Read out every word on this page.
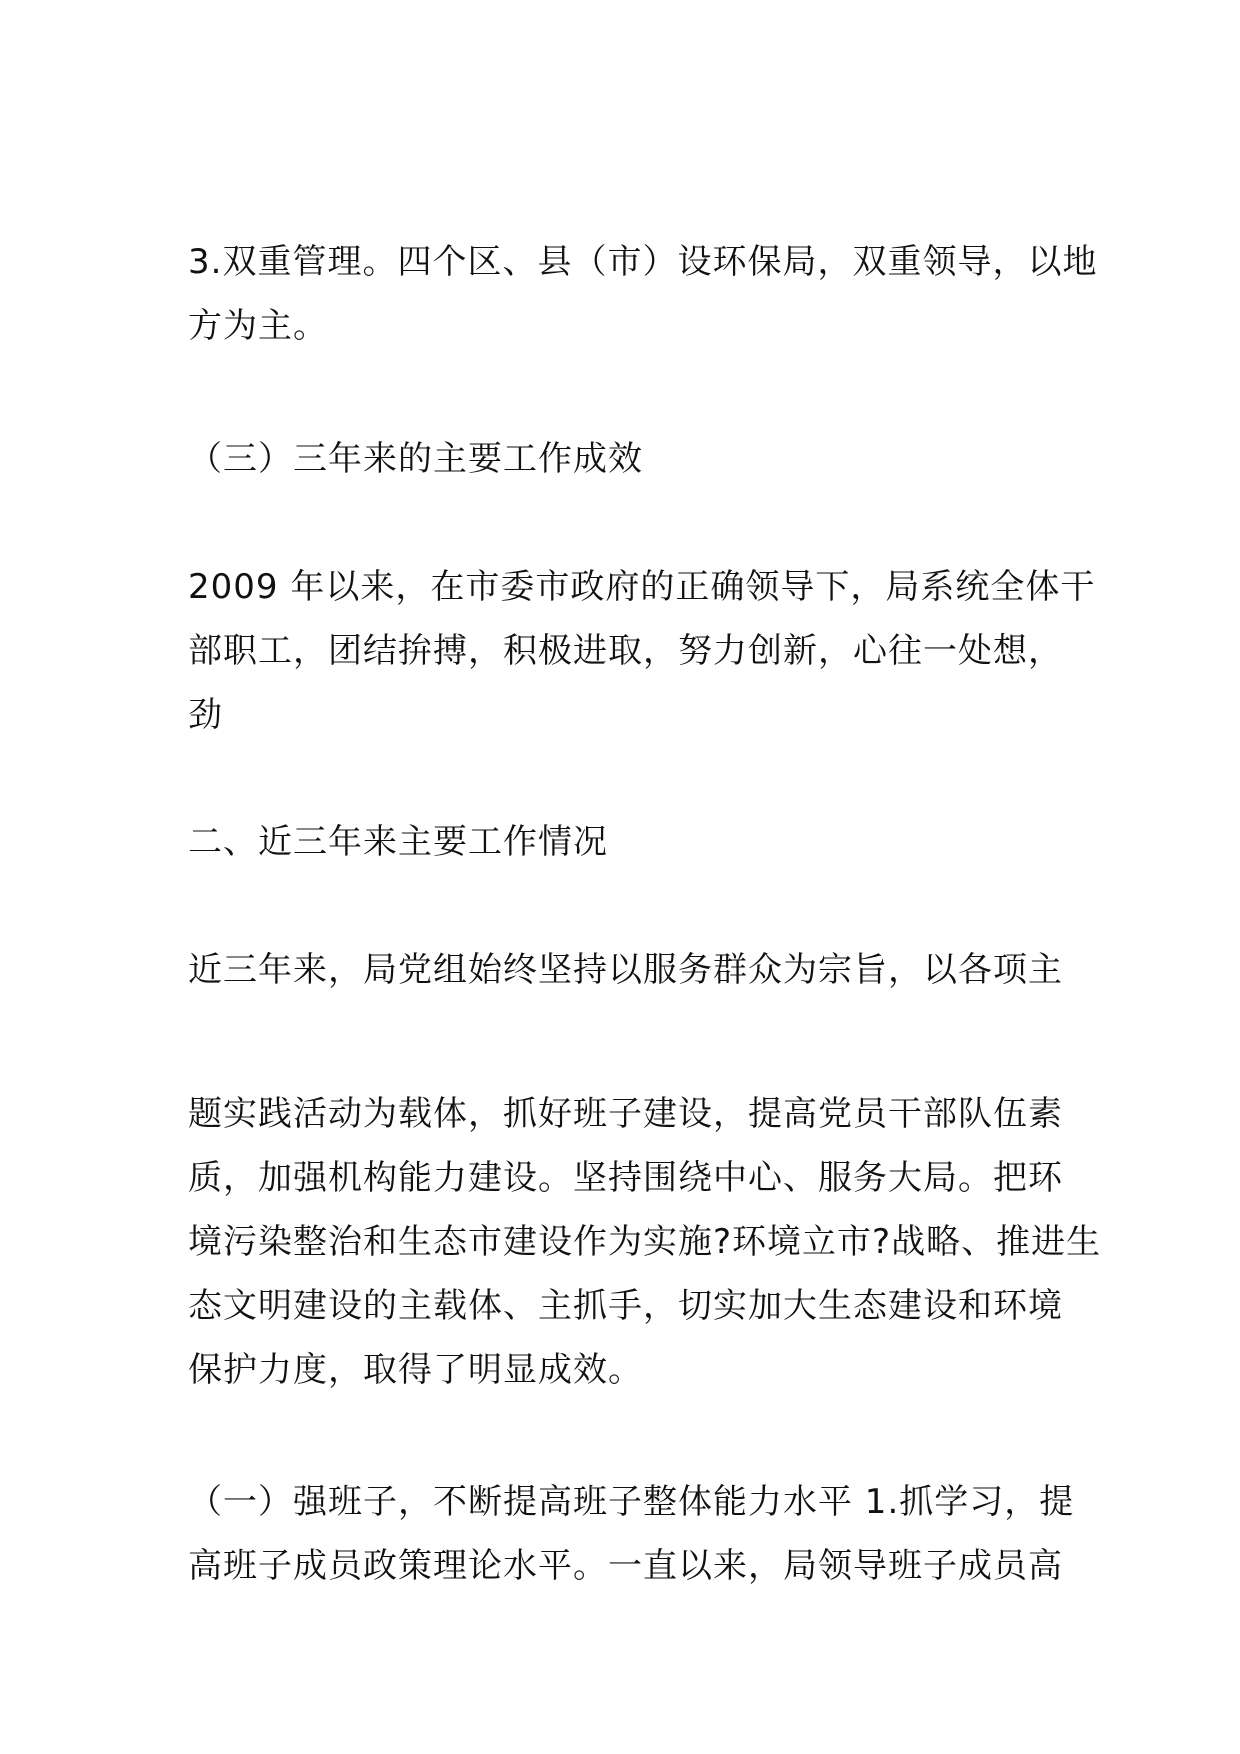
3.双重管理。四个区、县（市）设环保局，双重领导，以地
方为主。

（三）三年来的主要工作成效

2009 年以来，在市委市政府的正确领导下，局系统全体干
部职工，团结拚搏，积极进取，努力创新，心往一处想，
劲

二、近三年来主要工作情况

近三年来，局党组始终坚持以服务群众为宗旨，以各项主

题实践活动为载体，抓好班子建设，提高党员干部队伍素
质，加强机构能力建设。坚持围绕中心、服务大局。把环
境污染整治和生态市建设作为实施?环境立市?战略、推进生
态文明建设的主载体、主抓手，切实加大生态建设和环境
保护力度，取得了明显成效。

（一）强班子，不断提高班子整体能力水平 1.抓学习，提
高班子成员政策理论水平。一直以来，局领导班子成员高
